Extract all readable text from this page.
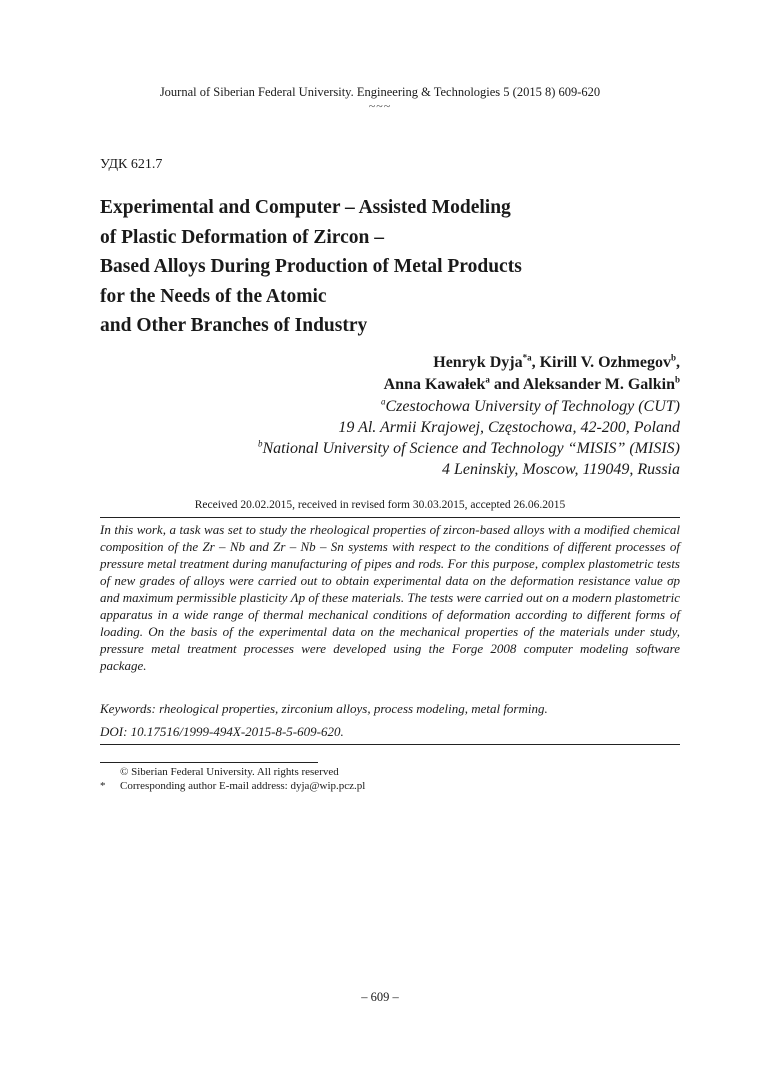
Journal of Siberian Federal University. Engineering & Technologies 5 (2015 8) 609-620
~~~
УДК 621.7
Experimental and Computer – Assisted Modeling
of Plastic Deformation of Zircon –
Based Alloys During Production of Metal Products
for the Needs of the Atomic
and Other Branches of Industry
Henryk Dyja$^{*a}$, Kirill V. Ozhmegov$^b$,
Anna Kawałek$^a$ and Aleksander M. Galkin$^b$
$^a$Czestochowa University of Technology (CUT)
19 Al. Armii Krajowej, Częstochowa, 42-200, Poland
$^b$National University of Science and Technology “MISIS” (MISIS)
4 Leninskiy, Moscow, 119049, Russia
Received 20.02.2015, received in revised form 30.03.2015, accepted 26.06.2015

In this work, a task was set to study the rheological properties of zircon-based alloys with a modified chemical composition of the Zr – Nb and Zr – Nb – Sn systems with respect to the conditions of different processes of pressure metal treatment during manufacturing of pipes and rods. For this purpose, complex plastometric tests of new grades of alloys were carried out to obtain experimental data on the deformation resistance value σp and maximum permissible plasticity Λp of these materials. The tests were carried out on a modern plastometric apparatus in a wide range of thermal mechanical conditions of deformation according to different forms of loading. On the basis of the experimental data on the mechanical properties of the materials under study, pressure metal treatment processes were developed using the Forge 2008 computer modeling software package.

Keywords: rheological properties, zirconium alloys, process modeling, metal forming.
DOI: 10.17516/1999-494X-2015-8-5-609-620.
© Siberian Federal University. All rights reserved
* Corresponding author E-mail address: dyja@wip.pcz.pl
– 609 –
